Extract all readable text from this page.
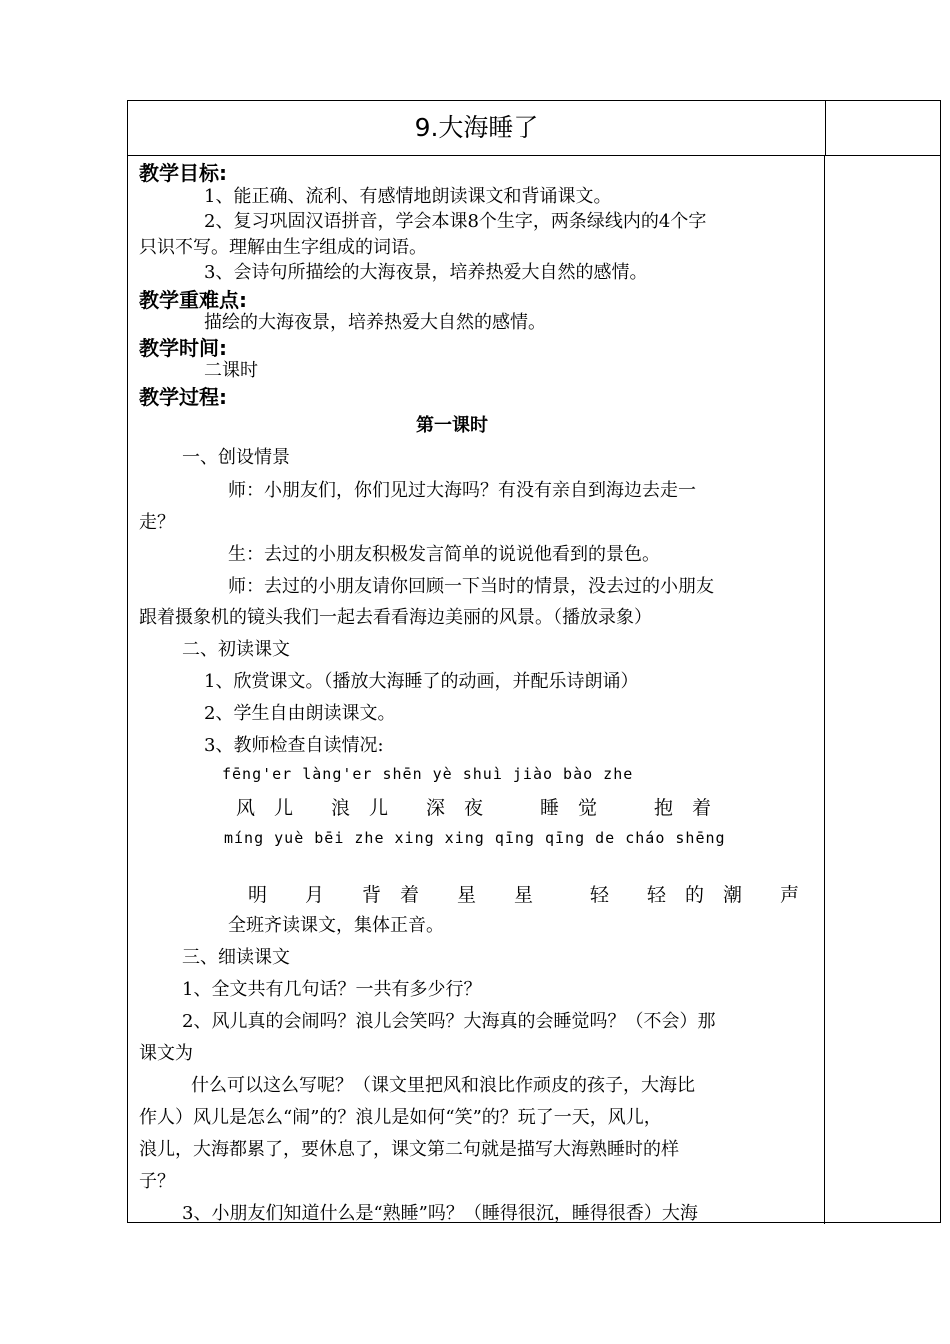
9.大海睡了
教学目标:
1、能正确、流利、有感情地朗读课文和背诵课文。
2、复习巩固汉语拼音，学会本课8个生字，两条绿线内的4个字
只识不写。理解由生字组成的词语。
3、会诗句所描绘的大海夜景，培养热爱大自然的感情。
教学重难点:
描绘的大海夜景，培养热爱大自然的感情。
教学时间:
二课时
教学过程:
第一课时
一、创设情景
师：小朋友们，你们见过大海吗？有没有亲自到海边去走一
走？
生：去过的小朋友积极发言简单的说说他看到的景色。
师：去过的小朋友请你回顾一下当时的情景，没去过的小朋友
跟着摄象机的镜头我们一起去看看海边美丽的风景。（播放录象）
二、初读课文
1、欣赏课文。（播放大海睡了的动画，并配乐诗朗诵）
2、学生自由朗读课文。
3、教师检查自读情况:
fēng'er làng'er shēn yè shuì jiào bào zhe
风　儿　　浪　儿　　深　夜　　　睡　觉　　　抱　着
míng yuè bēi zhe xing xing qīng qīng de cháo shēng
明　　月　　背　着　　星　　星　　　轻　　轻　的　潮　　声
全班齐读课文，集体正音。
三、细读课文
1、全文共有几句话？一共有多少行？
2、风儿真的会闹吗？浪儿会笑吗？大海真的会睡觉吗？（不会）那
课文为
什么可以这么写呢？（课文里把风和浪比作顽皮的孩子，大海比
作人）风儿是怎么“闹”的？浪儿是如何“笑”的？玩了一天，风儿，
浪儿，大海都累了，要休息了，课文第二句就是描写大海熟睡时的样
子？
3、小朋友们知道什么是“熟睡”吗？（睡得很沉，睡得很香）大海
